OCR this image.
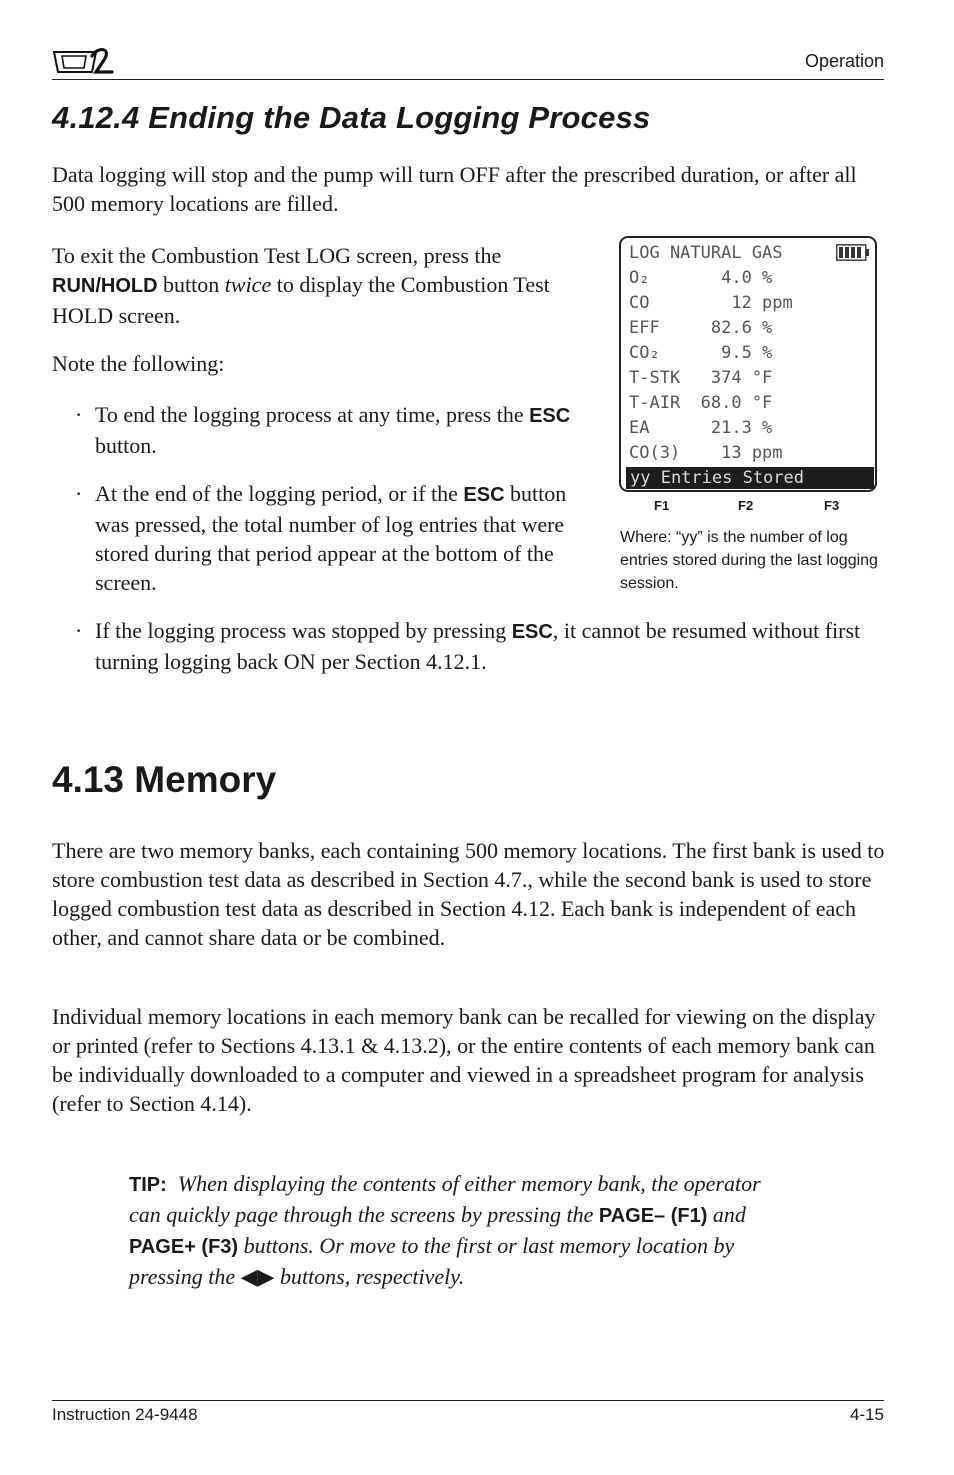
Operation
4.12.4 Ending the Data Logging Process

Data logging will stop and the pump will turn OFF after the prescribed duration, or after all 500 memory locations are filled.

To exit the Combustion Test LOG screen, press the RUN/HOLD button twice to display the Combustion Test HOLD screen.

Note the following:

· To end the logging process at any time, press the ESC button.
· At the end of the logging period, or if the ESC button was pressed, the total number of log entries that were stored during that period appear at the bottom of the screen.
· If the logging process was stopped by pressing ESC, it cannot be resumed without first turning logging back ON per Section 4.12.1.
LOG NATURAL GAS
O₂       4.0 %
CO        12 ppm
EFF     82.6 %
CO₂      9.5 %
T-STK   374 °F
T-AIR  68.0 °F
EA      21.3 %
CO(3)    13 ppm
yy Entries Stored
F1	F2	F3
Where: “yy” is the number of log entries stored during the last logging session.
4.13 Memory

There are two memory banks, each containing 500 memory locations. The first bank is used to store combustion test data as described in Section 4.7., while the second bank is used to store logged combustion test data as described in Section 4.12. Each bank is independent of each other, and cannot share data or be combined.

Individual memory locations in each memory bank can be recalled for viewing on the display or printed (refer to Sections 4.13.1 & 4.13.2), or the entire contents of each memory bank can be individually downloaded to a computer and viewed in a spreadsheet program for analysis (refer to Section 4.14).

TIP: When displaying the contents of either memory bank, the operator can quickly page through the screens by pressing the PAGE– (F1) and PAGE+ (F3) buttons. Or move to the first or last memory location by pressing the ◀▶ buttons, respectively.

Instruction 24-9448	4-15
